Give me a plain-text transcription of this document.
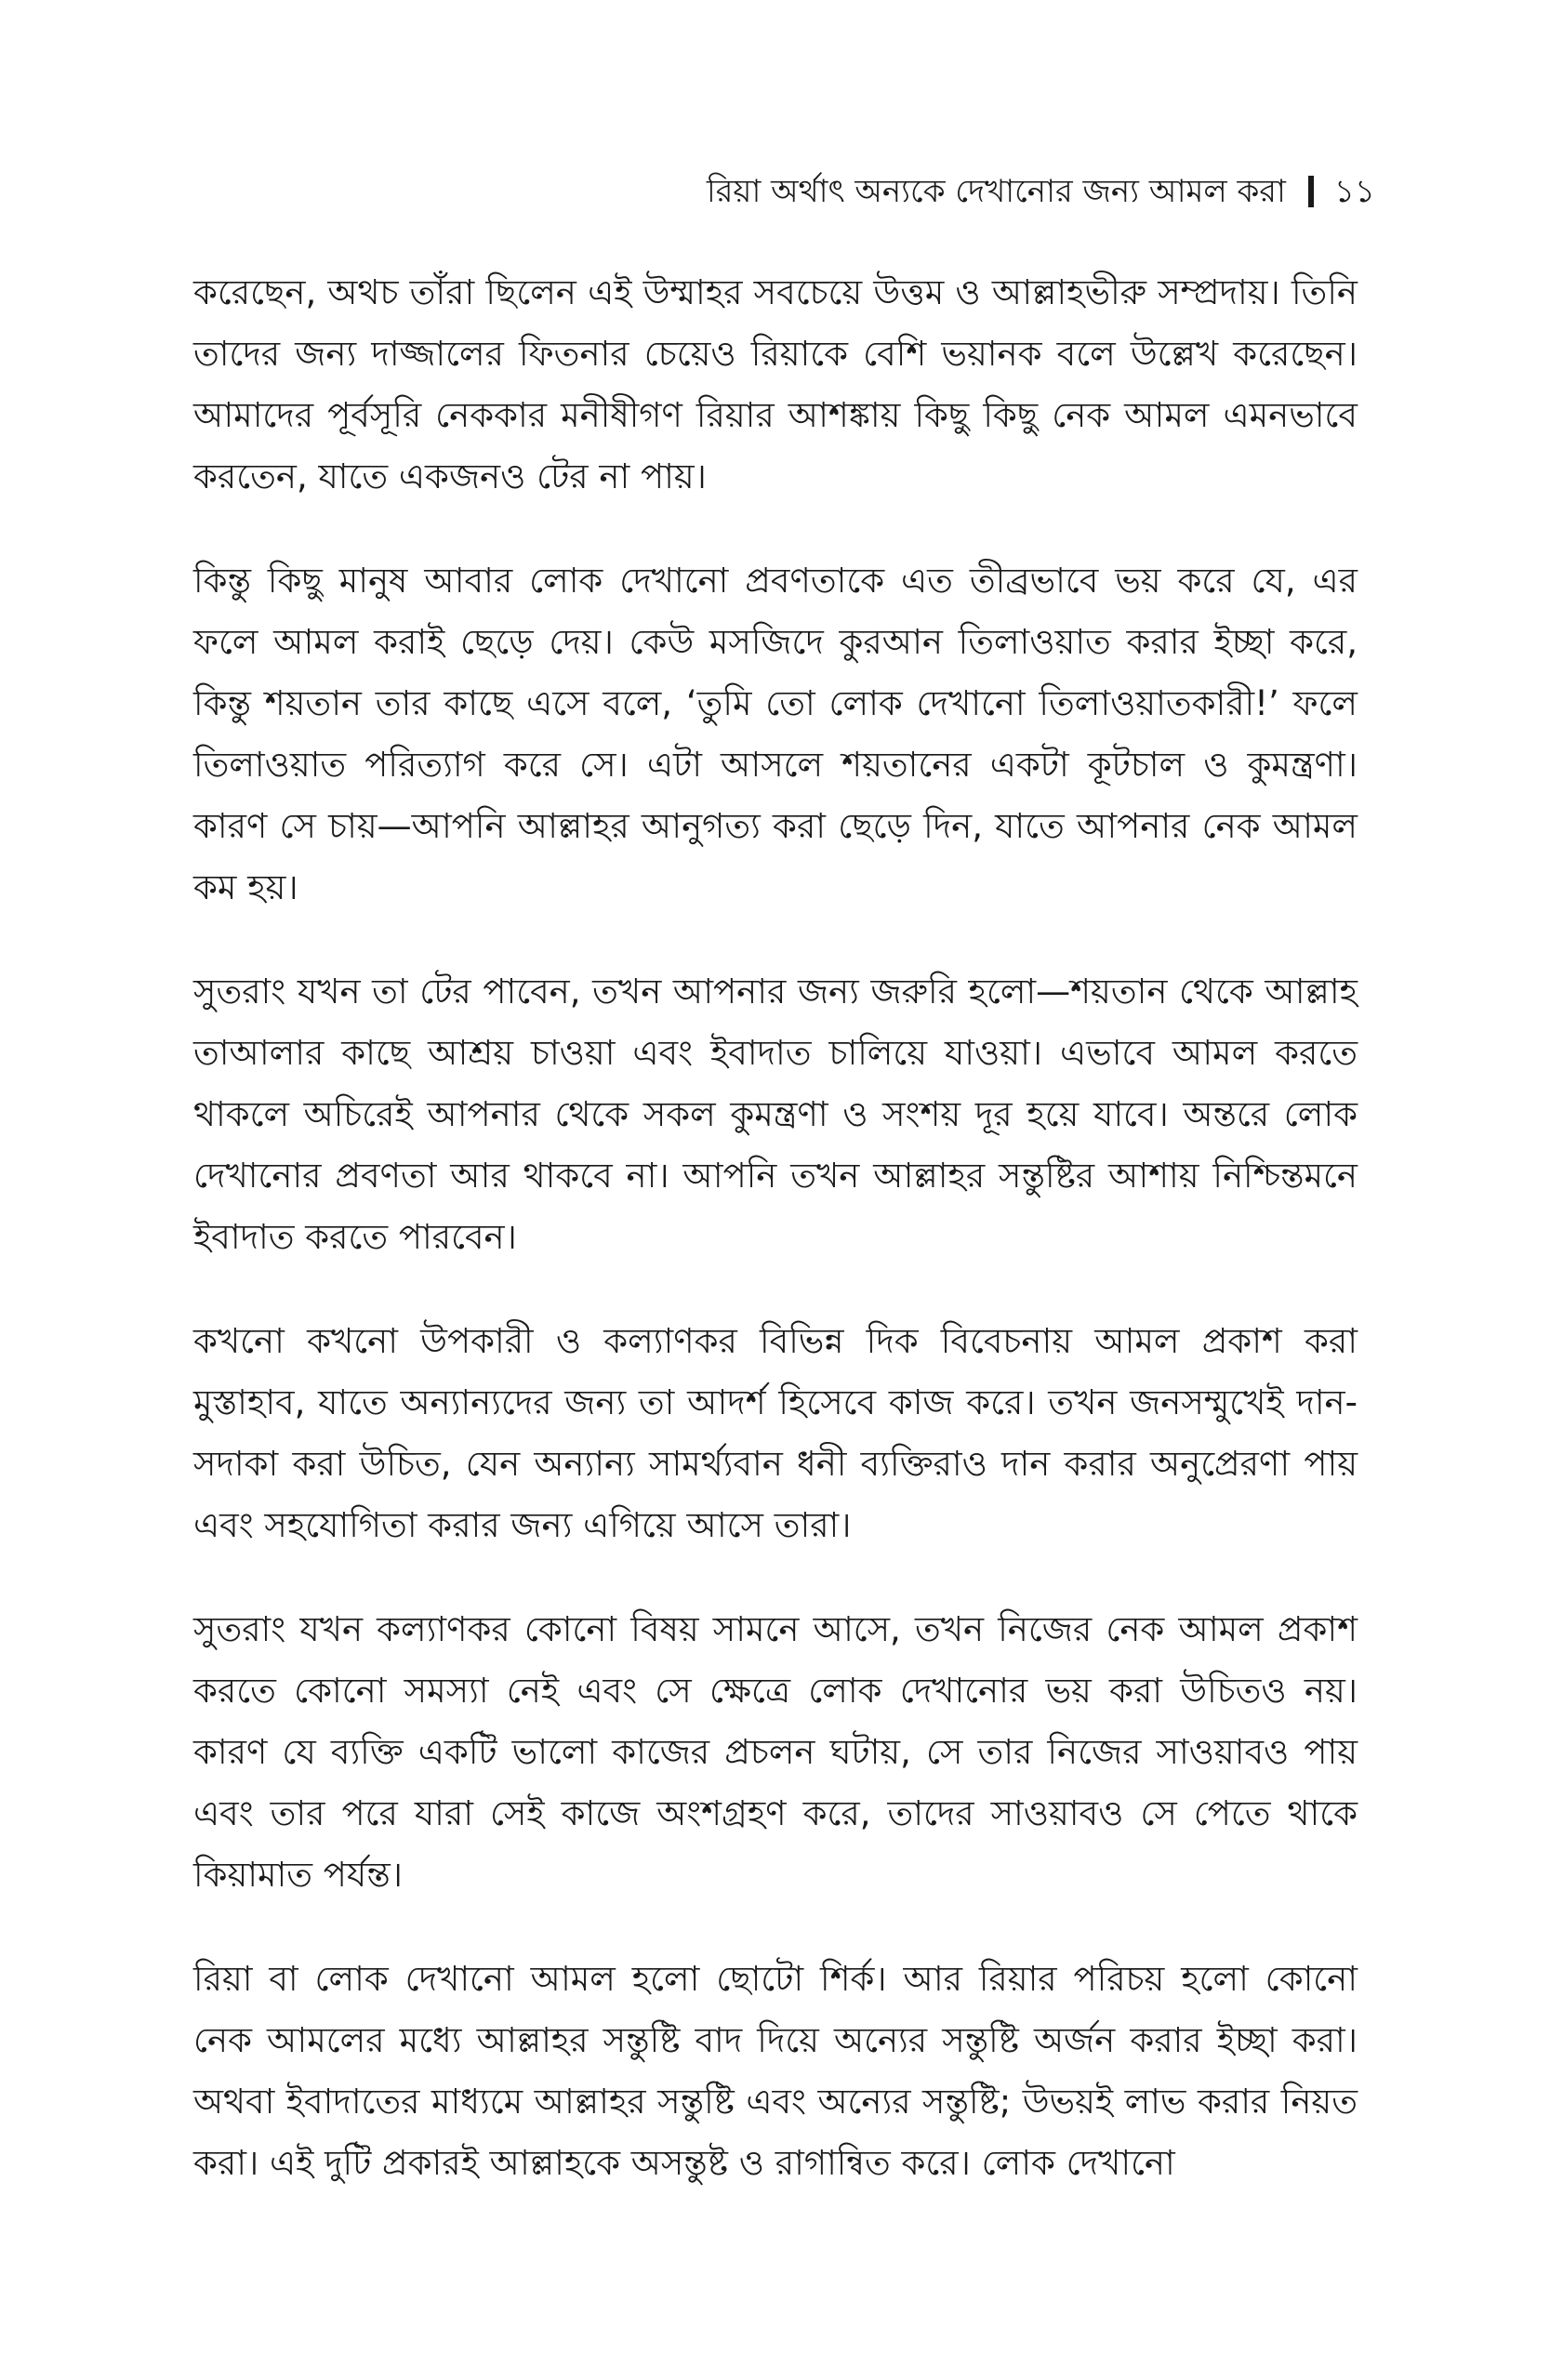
রিয়া অর্থাৎ অন্যকে দেখানোর জন্য আমল করা ১১

করেছেন, অথচ তাঁরা ছিলেন এই উম্মাহর সবচেয়ে উত্তম ও আল্লাহভীরু সম্প্রদায়। তিনি তাদের জন্য দাজ্জালের ফিতনার চেয়েও রিয়াকে বেশি ভয়ানক বলে উল্লেখ করেছেন। আমাদের পূর্বসূরি নেককার মনীষীগণ রিয়ার আশঙ্কায় কিছু কিছু নেক আমল এমনভাবে করতেন, যাতে একজনও টের না পায়।

কিন্তু কিছু মানুষ আবার লোক দেখানো প্রবণতাকে এত তীব্রভাবে ভয় করে যে, এর ফলে আমল করাই ছেড়ে দেয়। কেউ মসজিদে কুরআন তিলাওয়াত করার ইচ্ছা করে, কিন্তু শয়তান তার কাছে এসে বলে, ‘তুমি তো লোক দেখানো তিলাওয়াতকারী!’ ফলে তিলাওয়াত পরিত্যাগ করে সে। এটা আসলে শয়তানের একটা কূটচাল ও কুমন্ত্রণা। কারণ সে চায়—আপনি আল্লাহর আনুগত্য করা ছেড়ে দিন, যাতে আপনার নেক আমল কম হয়।

সুতরাং যখন তা টের পাবেন, তখন আপনার জন্য জরুরি হলো—শয়তান থেকে আল্লাহ তাআলার কাছে আশ্রয় চাওয়া এবং ইবাদাত চালিয়ে যাওয়া। এভাবে আমল করতে থাকলে অচিরেই আপনার থেকে সকল কুমন্ত্রণা ও সংশয় দূর হয়ে যাবে। অন্তরে লোক দেখানোর প্রবণতা আর থাকবে না। আপনি তখন আল্লাহর সন্তুষ্টির আশায় নিশ্চিন্তমনে ইবাদাত করতে পারবেন।

কখনো কখনো উপকারী ও কল্যাণকর বিভিন্ন দিক বিবেচনায় আমল প্রকাশ করা মুস্তাহাব, যাতে অন্যান্যদের জন্য তা আদর্শ হিসেবে কাজ করে। তখন জনসম্মুখেই দান-সদাকা করা উচিত, যেন অন্যান্য সামর্থ্যবান ধনী ব্যক্তিরাও দান করার অনুপ্রেরণা পায় এবং সহযোগিতা করার জন্য এগিয়ে আসে তারা।

সুতরাং যখন কল্যাণকর কোনো বিষয় সামনে আসে, তখন নিজের নেক আমল প্রকাশ করতে কোনো সমস্যা নেই এবং সে ক্ষেত্রে লোক দেখানোর ভয় করা উচিতও নয়। কারণ যে ব্যক্তি একটি ভালো কাজের প্রচলন ঘটায়, সে তার নিজের সাওয়াবও পায় এবং তার পরে যারা সেই কাজে অংশগ্রহণ করে, তাদের সাওয়াবও সে পেতে থাকে কিয়ামাত পর্যন্ত।

রিয়া বা লোক দেখানো আমল হলো ছোটো শির্ক। আর রিয়ার পরিচয় হলো কোনো নেক আমলের মধ্যে আল্লাহর সন্তুষ্টি বাদ দিয়ে অন্যের সন্তুষ্টি অর্জন করার ইচ্ছা করা। অথবা ইবাদাতের মাধ্যমে আল্লাহর সন্তুষ্টি এবং অন্যের সন্তুষ্টি; উভয়ই লাভ করার নিয়ত করা। এই দুটি প্রকারই আল্লাহকে অসন্তুষ্ট ও রাগান্বিত করে। লোক দেখানো
